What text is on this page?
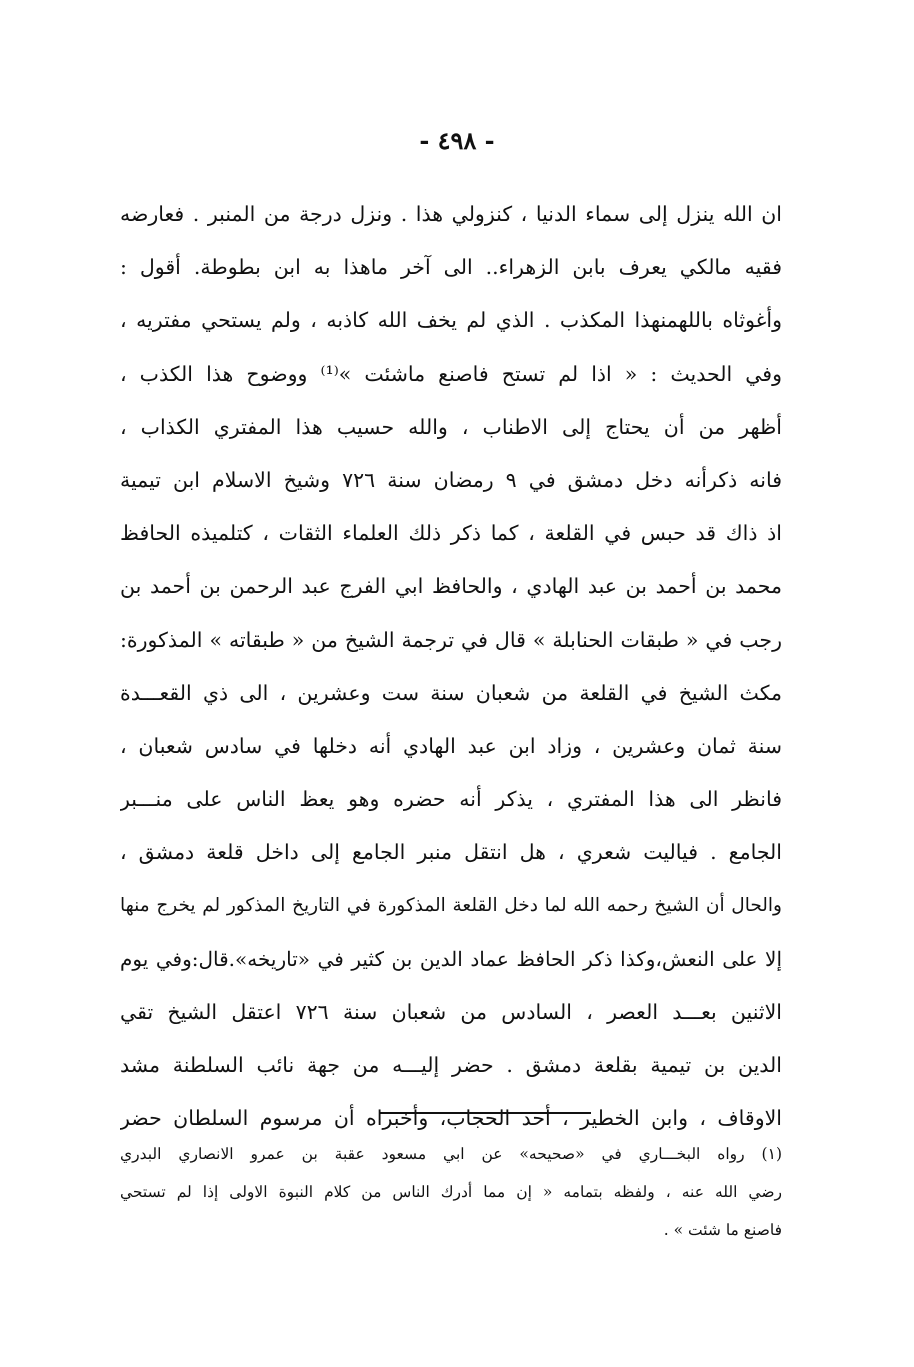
- ٤٩٨ -
ان الله ينزل إلى سماء الدنيا ، كنزولي هذا . ونزل درجة من المنبر . فعارضه
فقيه مالكي يعرف بابن الزهراء.. الى آخر ماهذا به ابن بطوطة. أقول :
وأغوثاه باللهمنهذا المكذب . الذي لم يخف الله كاذبه ، ولم يستحي مفتريه ،
وفي الحديث : « اذا لم تستح فاصنع ماشئت »⁽¹⁾ ووضوح هذا الكذب ،
أظهر من أن يحتاج إلى الاطناب ، والله حسيب هذا المفتري الكذاب ،
فانه ذكرأنه دخل دمشق في ٩ رمضان سنة ٧٢٦ وشيخ الاسلام ابن تيمية
اذ ذاك قد حبس في القلعة ، كما ذكر ذلك العلماء الثقات ، كتلميذه الحافظ
محمد بن أحمد بن عبد الهادي ، والحافظ ابي الفرج عبد الرحمن بن أحمد بن
رجب في « طبقات الحنابلة » قال في ترجمة الشيخ من « طبقاته » المذكورة:
مكث الشيخ في القلعة من شعبان سنة ست وعشرين ، الى ذي القعـــدة
سنة ثمان وعشرين ، وزاد ابن عبد الهادي أنه دخلها في سادس شعبان ،
فانظر الى هذا المفتري ، يذكر أنه حضره وهو يعظ الناس على منـــبر
الجامع . فياليت شعري ، هل انتقل منبر الجامع إلى داخل قلعة دمشق ،
والحال أن الشيخ رحمه الله لما دخل القلعة المذكورة في التاريخ المذكور لم يخرج منها
إلا على النعش،وكذا ذكر الحافظ عماد الدين بن كثير في «تاريخه».قال:وفي يوم
الاثنين بعـــد العصر ، السادس من شعبان سنة ٧٢٦ اعتقل الشيخ تقي
الدين بن تيمية بقلعة دمشق . حضر إليـــه من جهة نائب السلطنة مشد
الاوقاف ، وابن الخطير ، أحد الحجاب، وأخبراه أن مرسوم السلطان حضر
(١) رواه البخـــاري في «صحيحه» عن ابي مسعود عقبة بن عمرو الانصاري البدري
رضي الله عنه ، ولفظه بتمامه « إن مما أدرك الناس من كلام النبوة الاولى إذا لم تستحي
فاصنع ما شئت » .
